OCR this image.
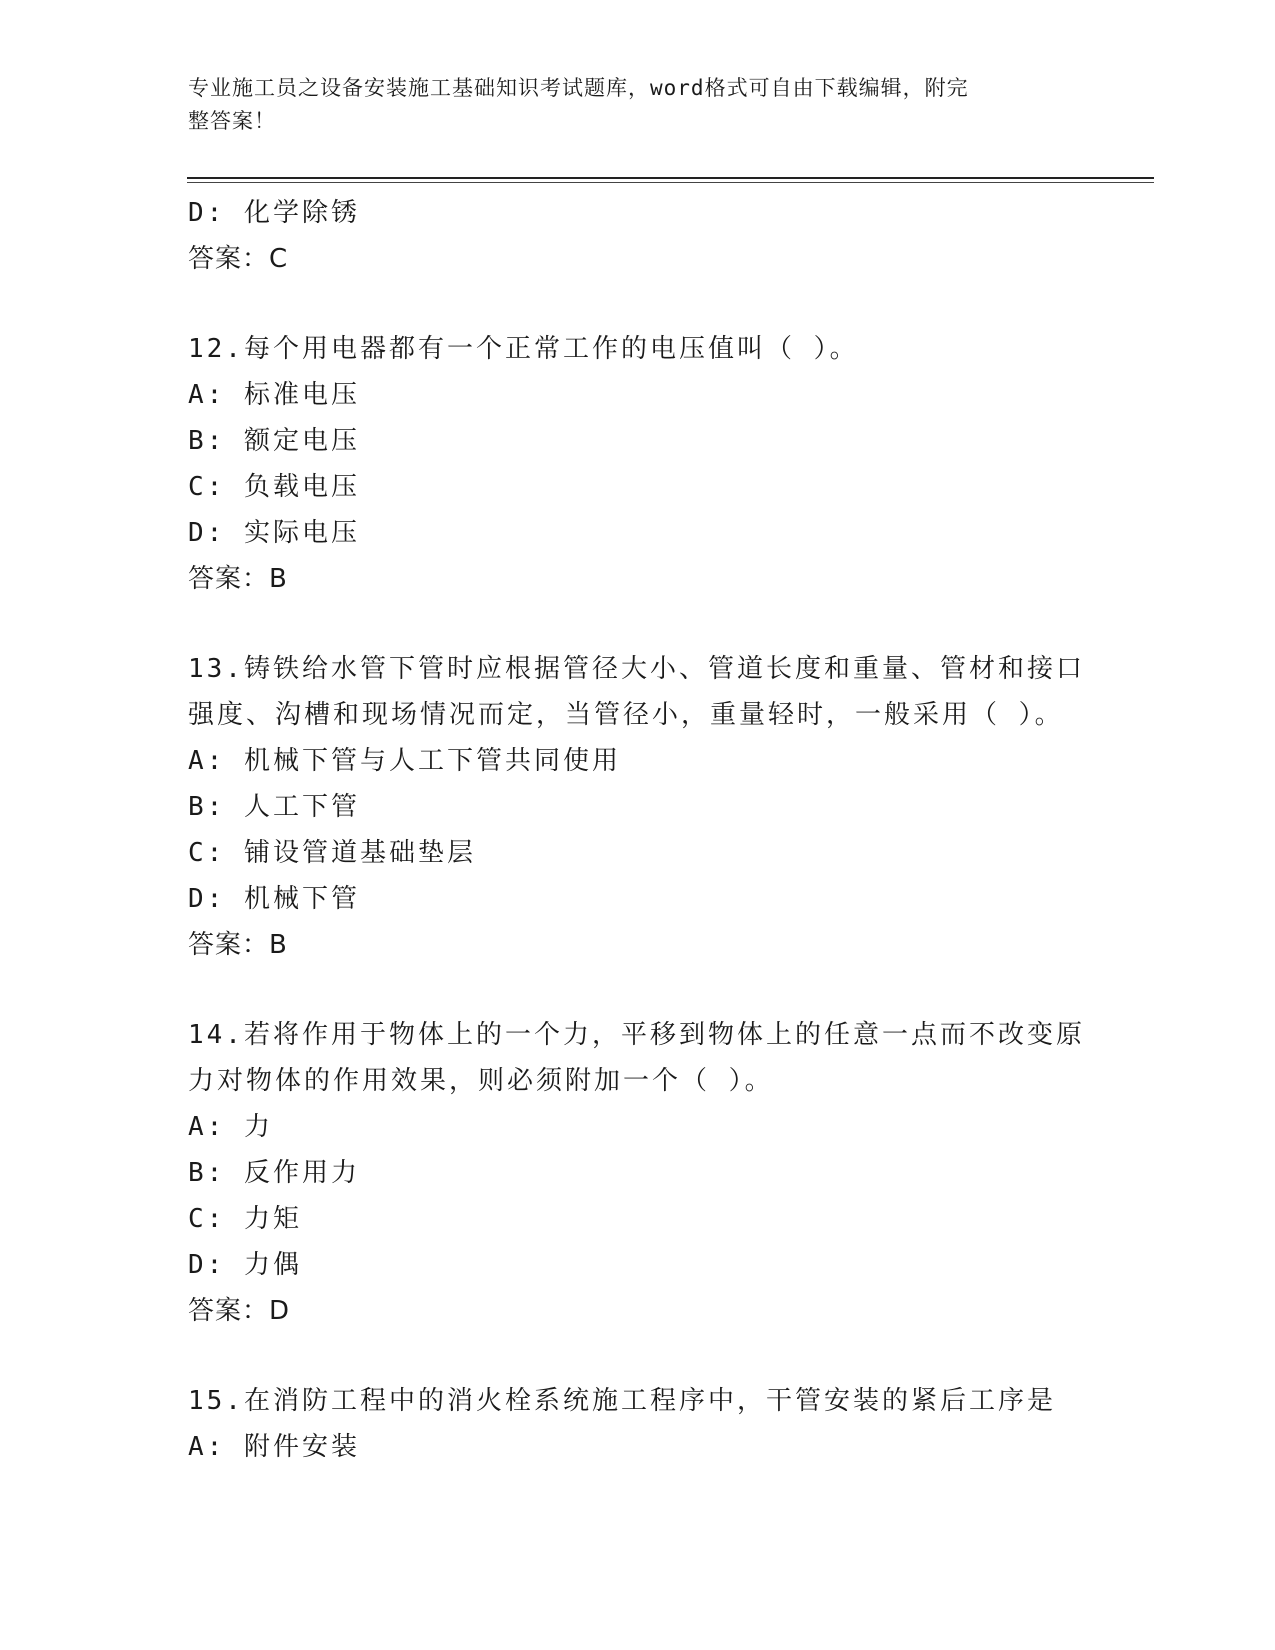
专业施工员之设备安装施工基础知识考试题库，word格式可自由下载编辑，附完
整答案！
D: 化学除锈
答案：C
12.每个用电器都有一个正常工作的电压值叫（ ）。
A: 标准电压
B: 额定电压
C: 负载电压
D: 实际电压
答案：B
13.铸铁给水管下管时应根据管径大小、管道长度和重量、管材和接口
强度、沟槽和现场情况而定，当管径小，重量轻时，一般采用（ ）。
A: 机械下管与人工下管共同使用
B: 人工下管
C: 铺设管道基础垫层
D: 机械下管
答案：B
14.若将作用于物体上的一个力，平移到物体上的任意一点而不改变原
力对物体的作用效果，则必须附加一个（ ）。
A: 力
B: 反作用力
C: 力矩
D: 力偶
答案：D
15.在消防工程中的消火栓系统施工程序中，干管安装的紧后工序是
A: 附件安装
